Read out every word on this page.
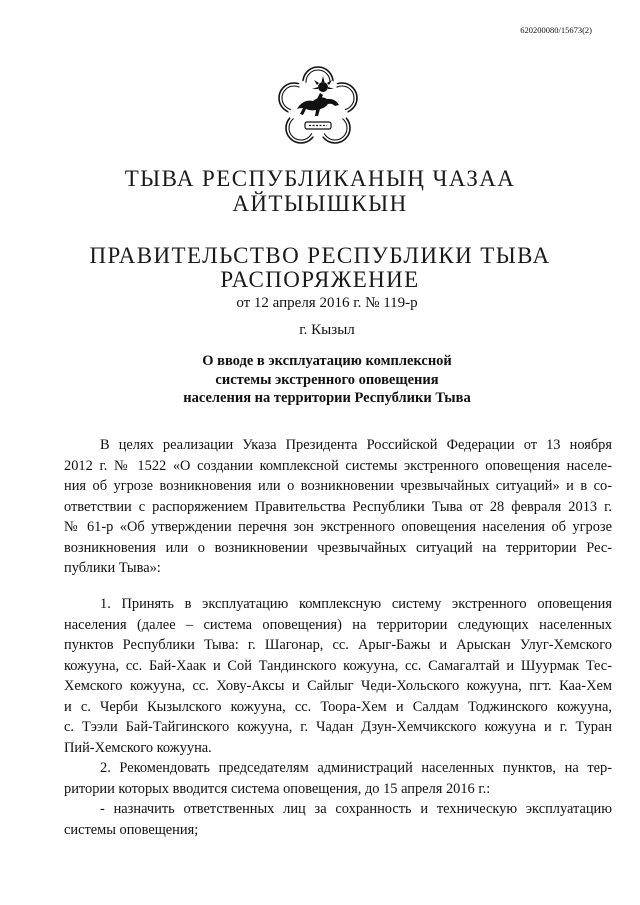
620200080/15673(2)
ТЫВА РЕСПУБЛИКАНЫҢ ЧАЗАА
АЙТЫЫШКЫН
ПРАВИТЕЛЬСТВО РЕСПУБЛИКИ ТЫВА
РАСПОРЯЖЕНИЕ
от 12 апреля 2016 г. № 119-р
г. Кызыл
О вводе в эксплуатацию комплексной
системы экстренного оповещения
населения на территории Республики Тыва
В целях реализации Указа Президента Российской Федерации от 13 ноября
2012 г. № 1522 «О создании комплексной системы экстренного оповещения населе-
ния об угрозе возникновения или о возникновении чрезвычайных ситуаций» и в со-
ответствии с распоряжением Правительства Республики Тыва от 28 февраля 2013 г.
№ 61-р «Об утверждении перечня зон экстренного оповещения населения об угрозе
возникновения или о возникновении чрезвычайных ситуаций на территории Рес-
публики Тыва»:
1. Принять в эксплуатацию комплексную систему экстренного оповещения
населения (далее – система оповещения) на территории следующих населенных
пунктов Республики Тыва: г. Шагонар, сс. Арыг-Бажы и Арыскан Улуг-Хемского
кожууна, сс. Бай-Хаак и Сой Тандинского кожууна, сс. Самагалтай и Шуурмак Тес-
Хемского кожууна, сс. Хову-Аксы и Сайлыг Чеди-Хольского кожууна, пгт. Каа-Хем
и с. Черби Кызылского кожууна, сс. Тоора-Хем и Салдам Тоджинского кожууна,
с. Тээли Бай-Тайгинского кожууна, г. Чадан Дзун-Хемчикского кожууна и г. Туран
Пий-Хемского кожууна.
2. Рекомендовать председателям администраций населенных пунктов, на тер-
ритории которых вводится система оповещения, до 15 апреля 2016 г.:
- назначить ответственных лиц за сохранность и техническую эксплуатацию
системы оповещения;
